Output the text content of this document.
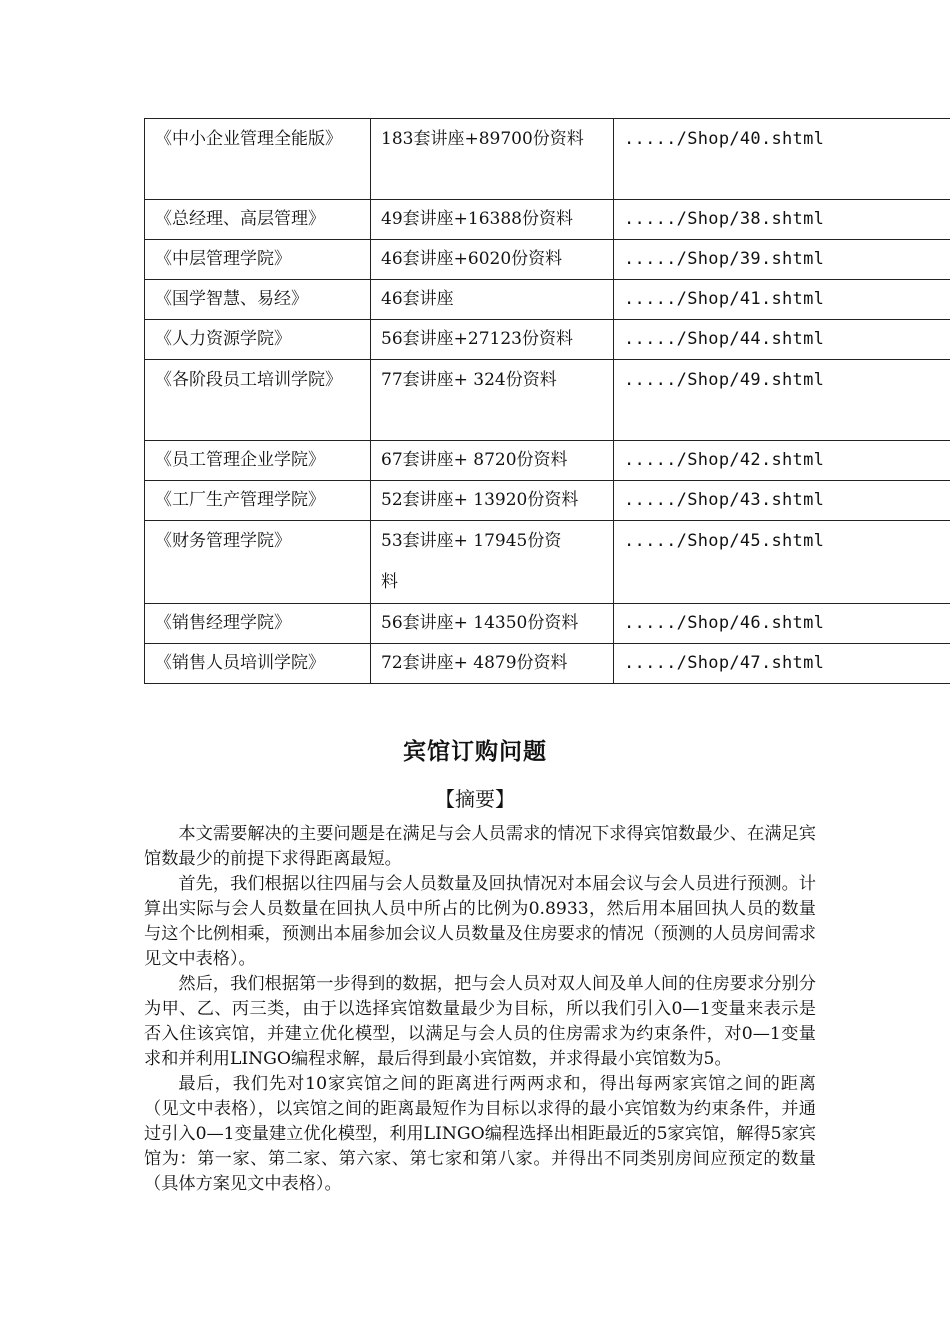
《中小企业管理全能版》	183套讲座+89700份资料	...../Shop/40.shtml
《总经理、高层管理》	49套讲座+16388份资料	...../Shop/38.shtml
《中层管理学院》	46套讲座+6020份资料	...../Shop/39.shtml
《国学智慧、易经》	46套讲座	...../Shop/41.shtml
《人力资源学院》	56套讲座+27123份资料	...../Shop/44.shtml
《各阶段员工培训学院》	77套讲座+ 324份资料	...../Shop/49.shtml
《员工管理企业学院》	67套讲座+ 8720份资料	...../Shop/42.shtml
《工厂生产管理学院》	52套讲座+ 13920份资料	...../Shop/43.shtml
《财务管理学院》	53套讲座+ 17945份资料	...../Shop/45.shtml
《销售经理学院》	56套讲座+ 14350份资料	...../Shop/46.shtml
《销售人员培训学院》	72套讲座+ 4879份资料	...../Shop/47.shtml
宾馆订购问题
【摘要】

本文需要解决的主要问题是在满足与会人员需求的情况下求得宾馆数最少、在满足宾馆数最少的前提下求得距离最短。

首先，我们根据以往四届与会人员数量及回执情况对本届会议与会人员进行预测。计算出实际与会人员数量在回执人员中所占的比例为0.8933，然后用本届回执人员的数量与这个比例相乘，预测出本届参加会议人员数量及住房要求的情况（预测的人员房间需求见文中表格）。

然后，我们根据第一步得到的数据，把与会人员对双人间及单人间的住房要求分别分为甲、乙、丙三类，由于以选择宾馆数量最少为目标，所以我们引入0—1变量来表示是否入住该宾馆，并建立优化模型，以满足与会人员的住房需求为约束条件，对0—1变量求和并利用LINGO编程求解，最后得到最小宾馆数，并求得最小宾馆数为5。

最后，我们先对10家宾馆之间的距离进行两两求和，得出每两家宾馆之间的距离（见文中表格），以宾馆之间的距离最短作为目标以求得的最小宾馆数为约束条件，并通过引入0—1变量建立优化模型，利用LINGO编程选择出相距最近的5家宾馆，解得5家宾馆为：第一家、第二家、第六家、第七家和第八家。并得出不同类别房间应预定的数量（具体方案见文中表格）。
